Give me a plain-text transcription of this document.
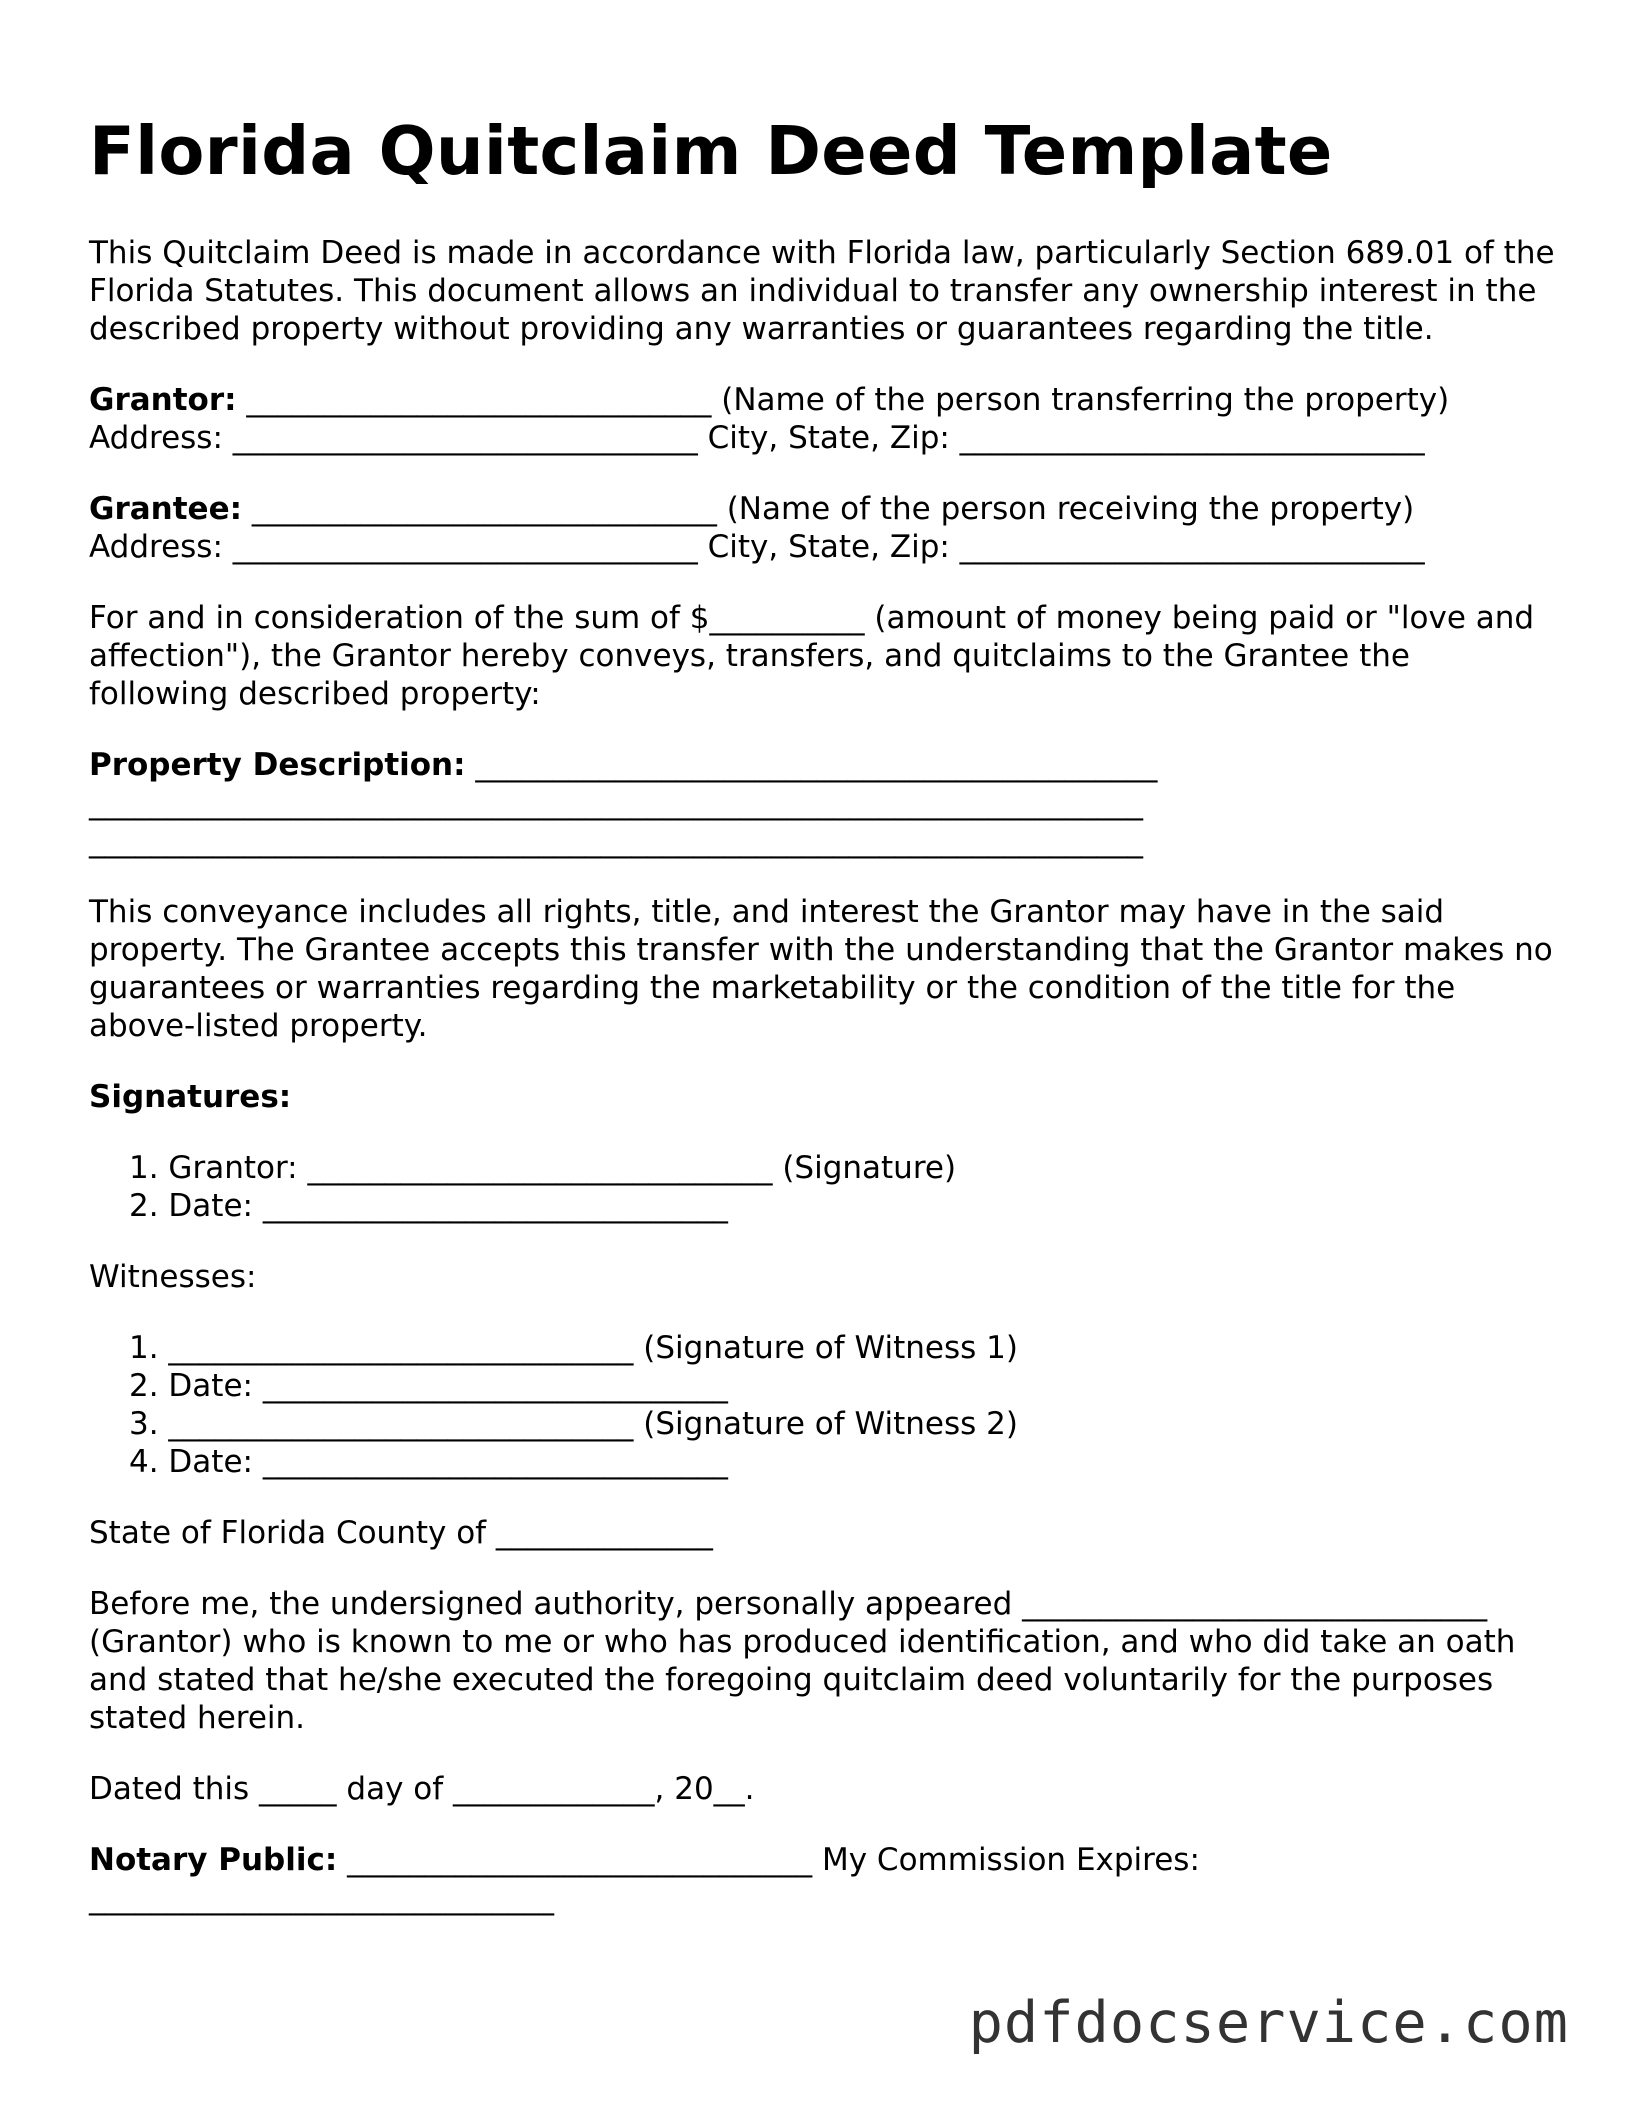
Florida Quitclaim Deed Template

This Quitclaim Deed is made in accordance with Florida law, particularly Section 689.01 of the Florida Statutes. This document allows an individual to transfer any ownership interest in the described property without providing any warranties or guarantees regarding the title.

Grantor: ______________________________ (Name of the person transferring the property)

Address: ______________________________ City, State, Zip: ______________________________

Grantee: ______________________________ (Name of the person receiving the property)

Address: ______________________________ City, State, Zip: ______________________________

For and in consideration of the sum of $__________ (amount of money being paid or "love and affection"), the Grantor hereby conveys, transfers, and quitclaims to the Grantee the following described property:

Property Description: ____________________________________________

____________________________________________________________________

____________________________________________________________________

This conveyance includes all rights, title, and interest the Grantor may have in the said property. The Grantee accepts this transfer with the understanding that the Grantor makes no guarantees or warranties regarding the marketability or the condition of the title for the above-listed property.

Signatures:

1. Grantor: ______________________________ (Signature)
2. Date: ______________________________

Witnesses:

1. ______________________________ (Signature of Witness 1)
2. Date: ______________________________
3. ______________________________ (Signature of Witness 2)
4. Date: ______________________________

State of Florida County of ______________

Before me, the undersigned authority, personally appeared ______________________________ (Grantor) who is known to me or who has produced identification, and who did take an oath and stated that he/she executed the foregoing quitclaim deed voluntarily for the purposes stated herein.

Dated this _____ day of _____________, 20__.

Notary Public: ______________________________ My Commission Expires: ______________________________

pdfdocservice.com
